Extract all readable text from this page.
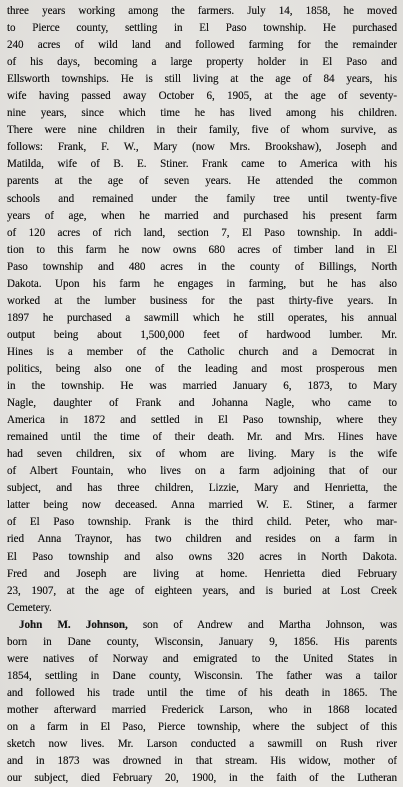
three years working among the farmers. July 14, 1858, he moved
to Pierce county, settling in El Paso township. He purchased
240 acres of wild land and followed farming for the remainder
of his days, becoming a large property holder in El Paso and
Ellsworth townships. He is still living at the age of 84 years, his
wife having passed away October 6, 1905, at the age of seventy-
nine years, since which time he has lived among his children.
There were nine children in their family, five of whom survive, as
follows: Frank, F. W., Mary (now Mrs. Brookshaw), Joseph and
Matilda, wife of B. E. Stiner. Frank came to America with his
parents at the age of seven years. He attended the common
schools and remained under the family tree until twenty-five
years of age, when he married and purchased his present farm
of 120 acres of rich land, section 7, El Paso township. In addi-
tion to this farm he now owns 680 acres of timber land in El
Paso township and 480 acres in the county of Billings, North
Dakota. Upon his farm he engages in farming, but he has also
worked at the lumber business for the past thirty-five years. In
1897 he purchased a sawmill which he still operates, his annual
output being about 1,500,000 feet of hardwood lumber. Mr.
Hines is a member of the Catholic church and a Democrat in
politics, being also one of the leading and most prosperous men
in the township. He was married January 6, 1873, to Mary
Nagle, daughter of Frank and Johanna Nagle, who came to
America in 1872 and settled in El Paso township, where they
remained until the time of their death. Mr. and Mrs. Hines have
had seven children, six of whom are living. Mary is the wife
of Albert Fountain, who lives on a farm adjoining that of our
subject, and has three children, Lizzie, Mary and Henrietta, the
latter being now deceased. Anna married W. E. Stiner, a farmer
of El Paso township. Frank is the third child. Peter, who mar-
ried Anna Traynor, has two children and resides on a farm in
El Paso township and also owns 320 acres in North Dakota.
Fred and Joseph are living at home. Henrietta died February
23, 1907, at the age of eighteen years, and is buried at Lost Creek
Cemetery.
John M. Johnson, son of Andrew and Martha Johnson, was
born in Dane county, Wisconsin, January 9, 1856. His parents
were natives of Norway and emigrated to the United States in
1854, settling in Dane county, Wisconsin. The father was a tailor
and followed his trade until the time of his death in 1865. The
mother afterward married Frederick Larson, who in 1868 located
on a farm in El Paso, Pierce township, where the subject of this
sketch now lives. Mr. Larson conducted a sawmill on Rush river
and in 1873 was drowned in that stream. His widow, mother of
our subject, died February 20, 1900, in the faith of the Lutheran
